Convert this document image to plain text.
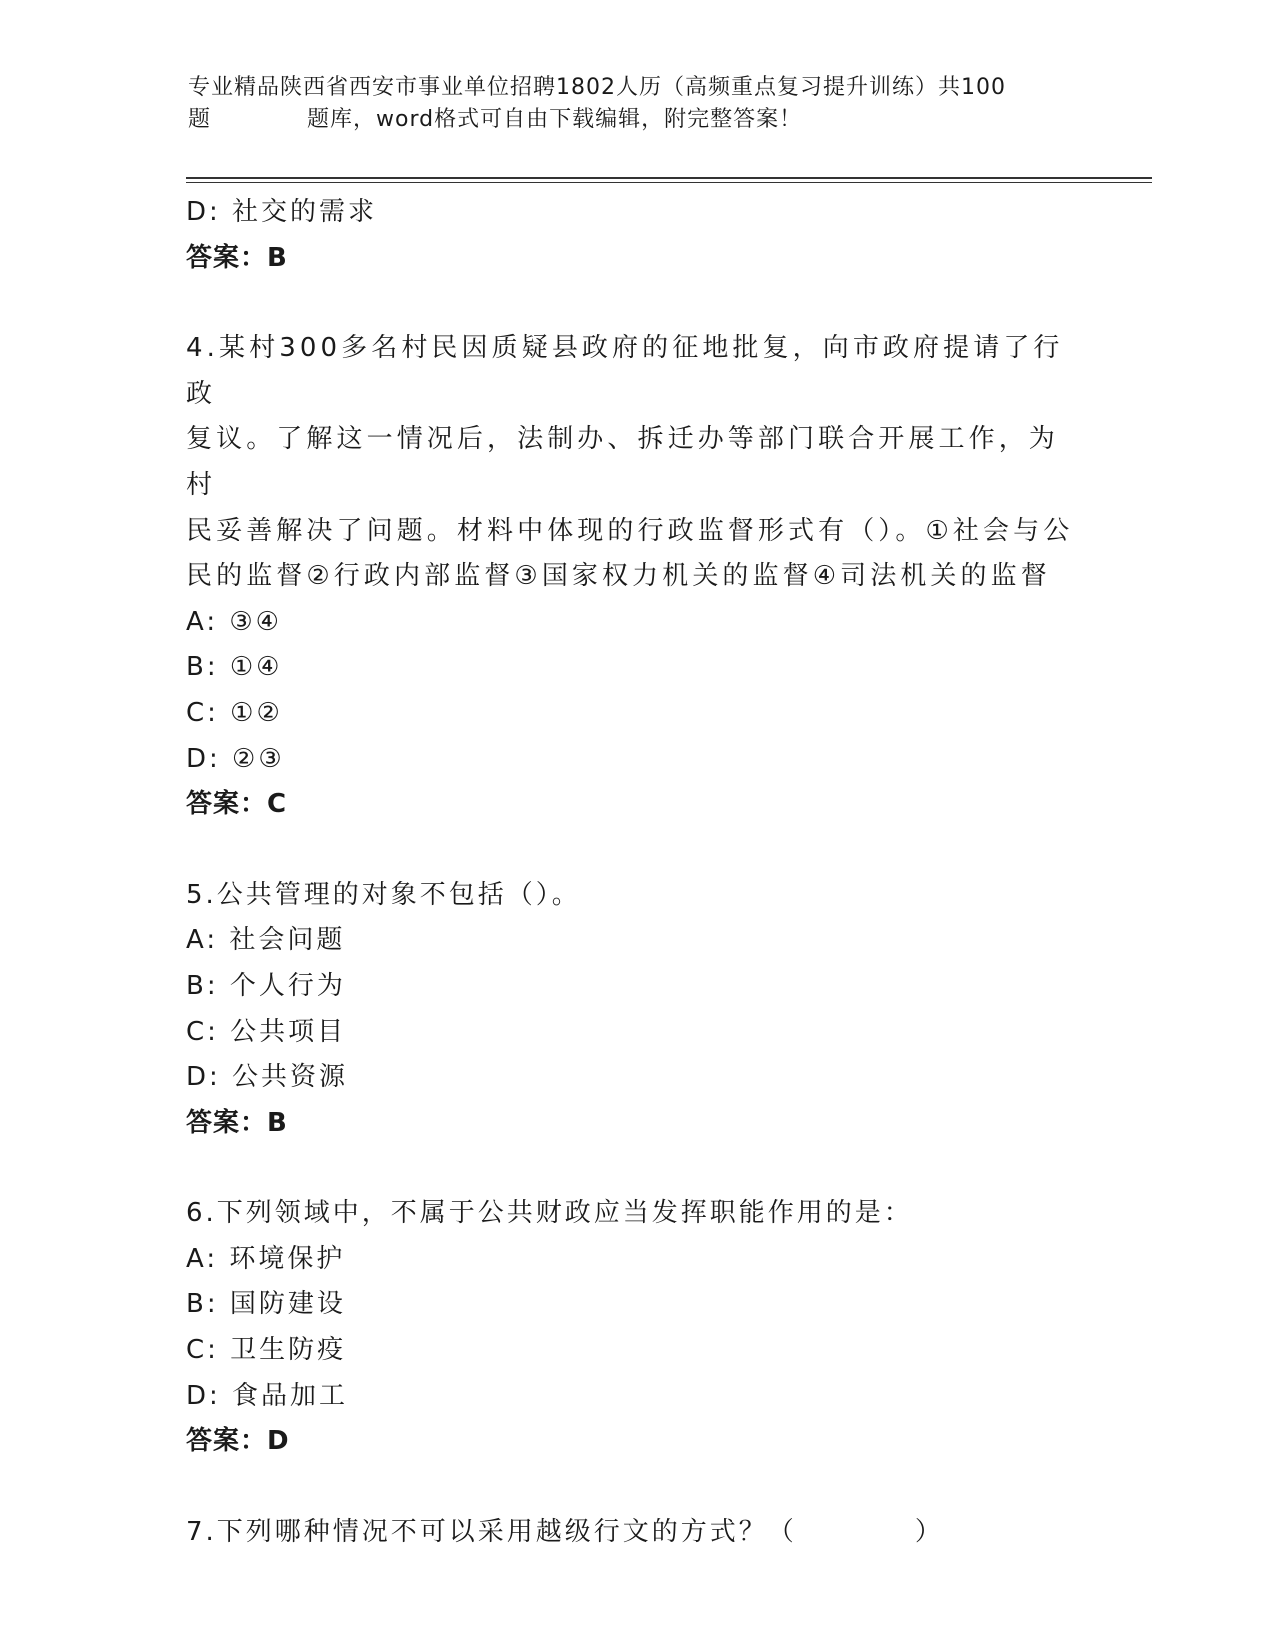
专业精品陕西省西安市事业单位招聘1802人历（高频重点复习提升训练）共100
题	题库，word格式可自由下载编辑，附完整答案！
D: 社交的需求
答案：B
4.某村300多名村民因质疑县政府的征地批复，向市政府提请了行政
复议。了解这一情况后，法制办、拆迁办等部门联合开展工作，为村
民妥善解决了问题。材料中体现的行政监督形式有（）。①社会与公
民的监督②行政内部监督③国家权力机关的监督④司法机关的监督
A: ③④
B: ①④
C: ①②
D: ②③
答案：C
5.公共管理的对象不包括（）。
A: 社会问题
B: 个人行为
C: 公共项目
D: 公共资源
答案：B
6.下列领域中，不属于公共财政应当发挥职能作用的是：
A: 环境保护
B: 国防建设
C: 卫生防疫
D: 食品加工
答案：D
7.下列哪种情况不可以采用越级行文的方式？（	）
